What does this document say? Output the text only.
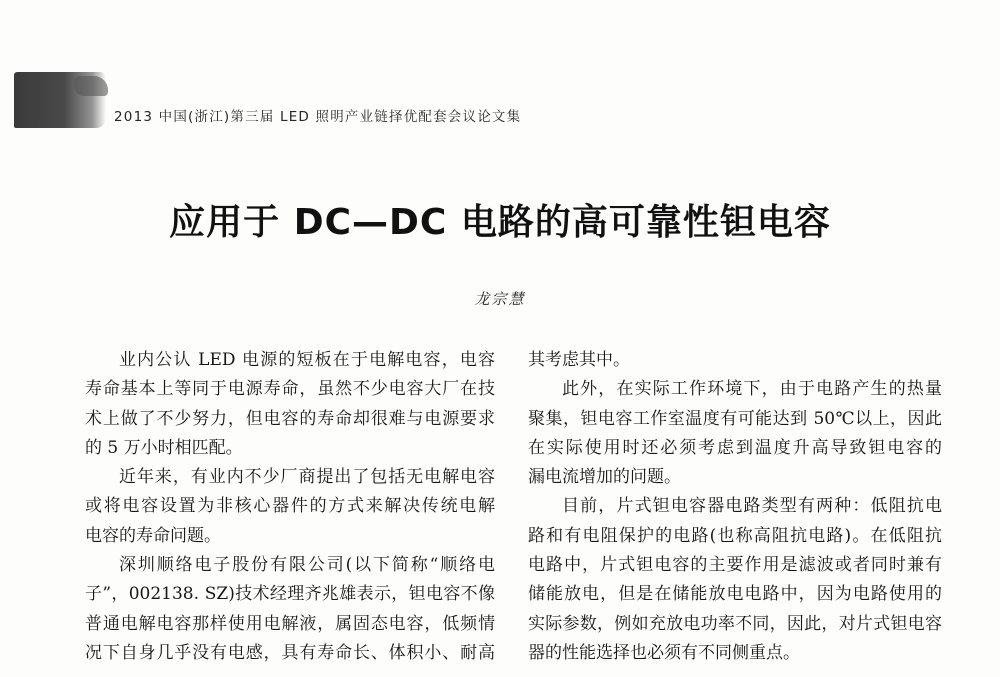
2013 中国(浙江)第三届 LED 照明产业链择优配套会议论文集
应用于 DC—DC 电路的高可靠性钽电容
龙宗慧
业内公认 LED 电源的短板在于电解电容，电容
寿命基本上等同于电源寿命，虽然不少电容大厂在技
术上做了不少努力，但电容的寿命却很难与电源要求
的 5 万小时相匹配。
近年来，有业内不少厂商提出了包括无电解电容
或将电容设置为非核心器件的方式来解决传统电解
电容的寿命问题。
深圳顺络电子股份有限公司(以下简称“顺络电
子”，002138. SZ)技术经理齐兆雄表示，钽电容不像
普通电解电容那样使用电解液，属固态电容，低频情
况下自身几乎没有电感，具有寿命长、体积小、耐高
其考虑其中。
此外，在实际工作环境下，由于电路产生的热量
聚集，钽电容工作室温度有可能达到 50℃以上，因此
在实际使用时还必须考虑到温度升高导致钽电容的
漏电流增加的问题。
目前，片式钽电容器电路类型有两种：低阻抗电
路和有电阻保护的电路(也称高阻抗电路)。在低阻抗
电路中，片式钽电容的主要作用是滤波或者同时兼有
储能放电，但是在储能放电电路中，因为电路使用的
实际参数，例如充放电功率不同，因此，对片式钽电容
器的性能选择也必须有不同侧重点。
